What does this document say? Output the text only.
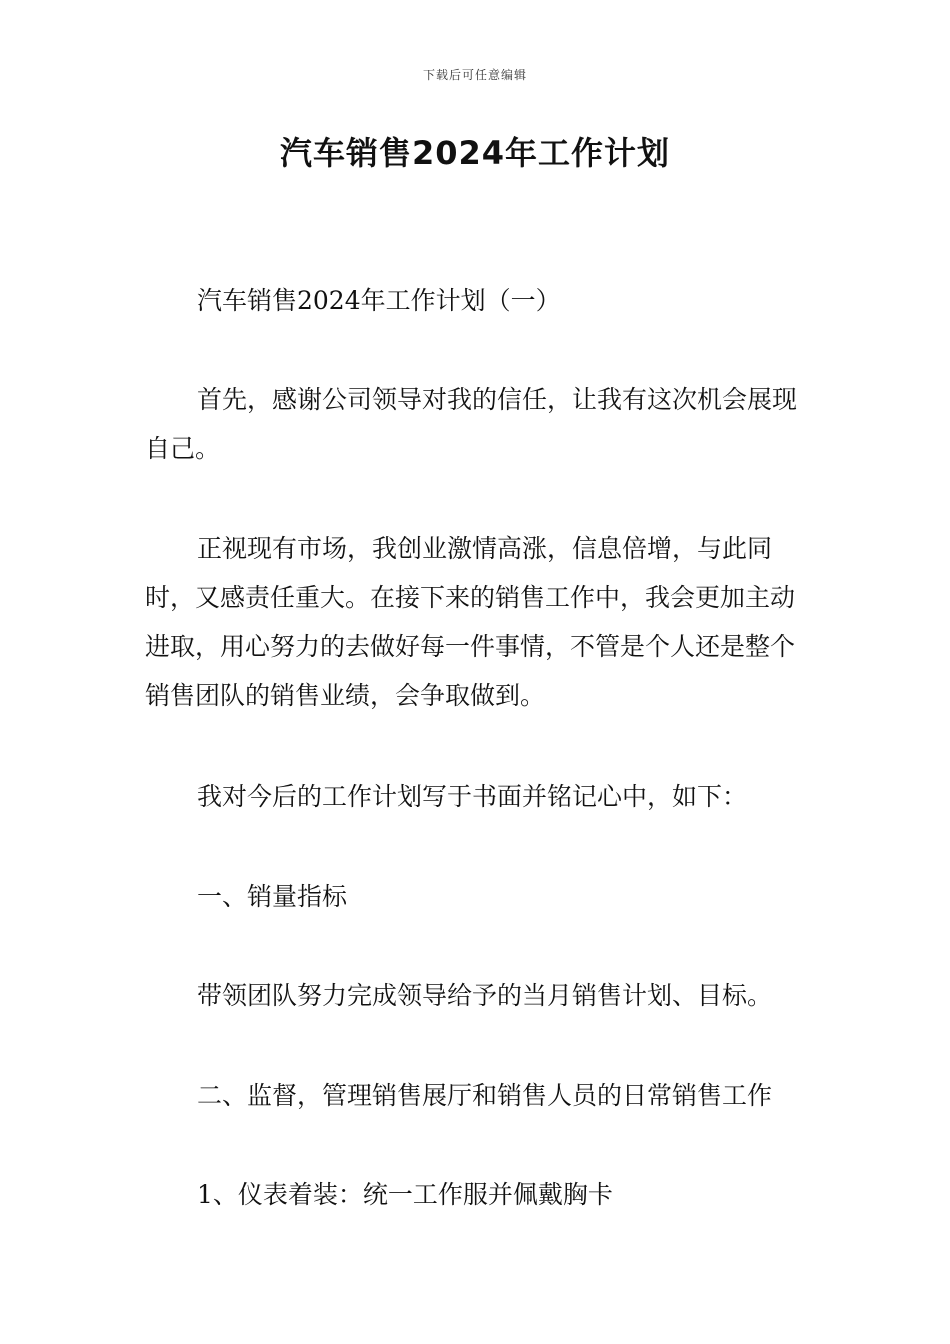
下载后可任意编辑
汽车销售2024年工作计划

汽车销售2024年工作计划（一）

首先，感谢公司领导对我的信任，让我有这次机会展现自己。

正视现有市场，我创业激情高涨，信息倍增，与此同时，又感责任重大。在接下来的销售工作中，我会更加主动进取，用心努力的去做好每一件事情，不管是个人还是整个销售团队的销售业绩，会争取做到。

我对今后的工作计划写于书面并铭记心中，如下：

一、销量指标

带领团队努力完成领导给予的当月销售计划、目标。

二、监督，管理销售展厅和销售人员的日常销售工作

1、仪表着装：统一工作服并佩戴胸卡
